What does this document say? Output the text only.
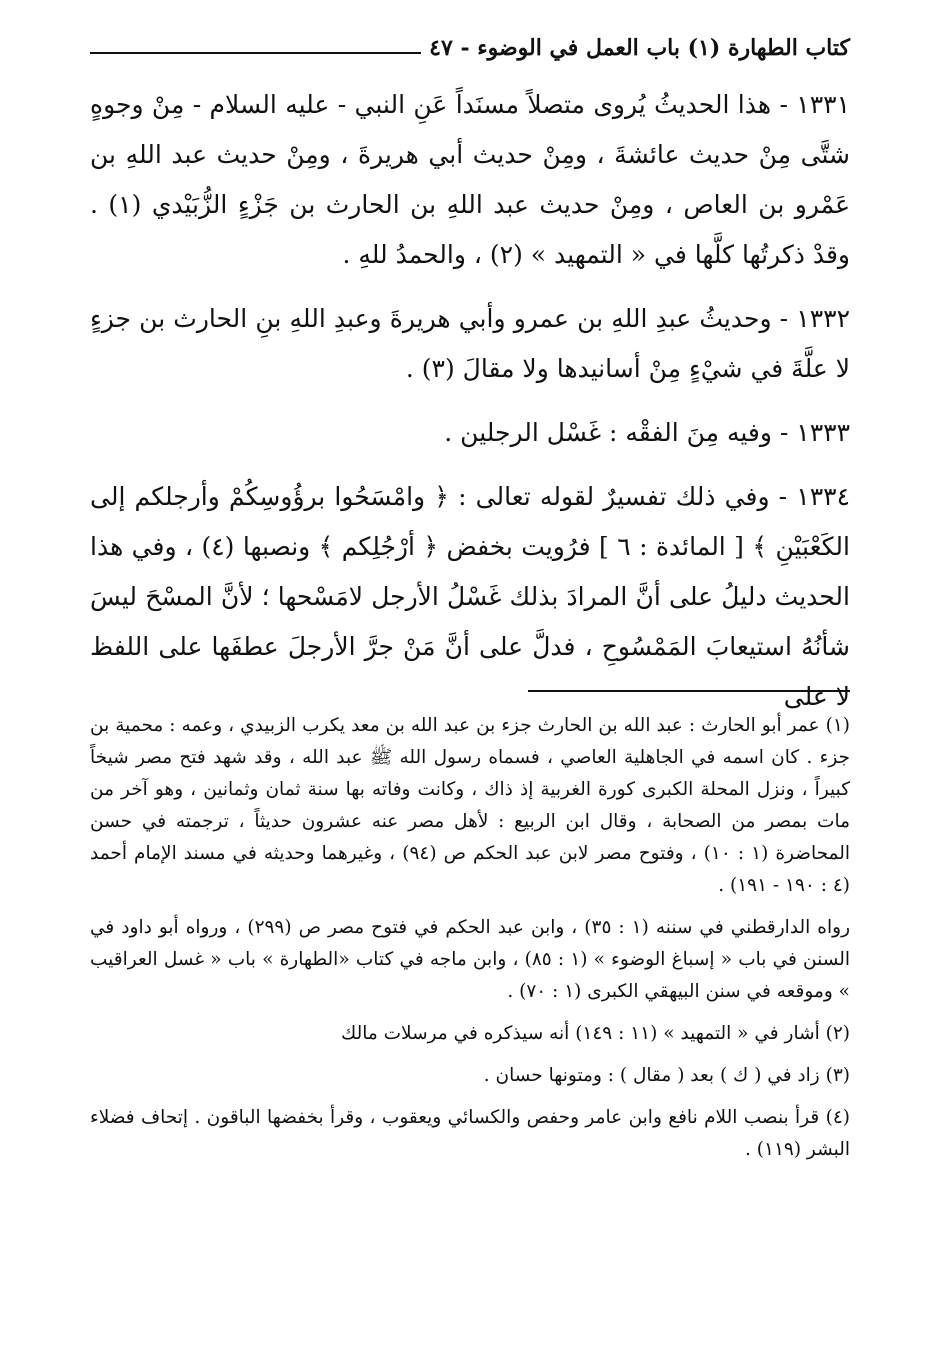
كتاب الطهارة (١) باب العمل في الوضوء - ٤٧

١٣٣١ - هذا الحديثُ يُروى متصلاً مسنَداً عَنِ النبي - عليه السلام - مِنْ وجوهٍ شتَّى مِنْ حديث عائشةَ ، ومِنْ حديث أبي هريرةَ ، ومِنْ حديث عبد اللهِ بن عَمْرو بن العاص ، ومِنْ حديث عبد اللهِ بن الحارث بن جَزْءٍ الزُّبَيْدي (١) . وقدْ ذكرتُها كلَّها في « التمهيد » (٢) ، والحمدُ للهِ .

١٣٣٢ - وحديثُ عبدِ اللهِ بن عمرو وأبي هريرةَ وعبدِ اللهِ بنِ الحارث بن جزءٍ لا علَّةَ في شيْءٍ مِنْ أسانيدها ولا مقالَ (٣) .

١٣٣٣ - وفيه مِنَ الفقْه : غَسْل الرجلين .

١٣٣٤ - وفي ذلك تفسيرٌ لقوله تعالى : ﴿ وامْسَحُوا برؤُوسِكُمْ وأرجلكم إلى الكَعْبَيْنِ ﴾ [ المائدة : ٦ ] فرُويت بخفض ﴿ أرْجُلِكم ﴾ ونصبها (٤) ، وفي هذا الحديث دليلُ على أنَّ المرادَ بذلك غَسْلُ الأرجل لامَسْحها ؛ لأنَّ المسْحَ ليسَ شأنُهُ استيعابَ المَمْسُوحِ ، فدلَّ على أنَّ مَنْ جرَّ الأرجلَ عطفَها على اللفظ لا على

(١) عمر أبو الحارث : عبد الله بن الحارث جزء بن عبد الله بن معد يكرب الزبيدي ، وعمه : محمية بن جزء . كان اسمه في الجاهلية العاصي ، فسماه رسول الله ﷺ عبد الله ، وقد شهد فتح مصر شيخاً كبيراً ، ونزل المحلة الكبرى كورة الغربية إذ ذاك ، وكانت وفاته بها سنة ثمان وثمانين ، وهو آخر من مات بمصر من الصحابة ، وقال ابن الربيع : لأهل مصر عنه عشرون حديثاً ، ترجمته في حسن المحاضرة (١ : ١٠) ، وفتوح مصر لابن عبد الحكم ص (٩٤) ، وغيرهما وحديثه في مسند الإمام أحمد (٤ : ١٩٠ - ١٩١) .

رواه الدارقطني في سننه (١ : ٣٥) ، وابن عبد الحكم في فتوح مصر ص (٢٩٩) ، ورواه أبو داود في السنن في باب « إسباغ الوضوء » (١ : ٨٥) ، وابن ماجه في كتاب «الطهارة » باب « غسل العراقيب » وموقعه في سنن البيهقي الكبرى (١ : ٧٠) .

(٢) أشار في « التمهيد » (١١ : ١٤٩) أنه سيذكره في مرسلات مالك

(٣) زاد في ( ك ) بعد ( مقال ) : ومتونها حسان .

(٤) قرأ بنصب اللام نافع وابن عامر وحفص والكسائي ويعقوب ، وقرأ بخفضها الباقون . إتحاف فضلاء البشر (١١٩) .
